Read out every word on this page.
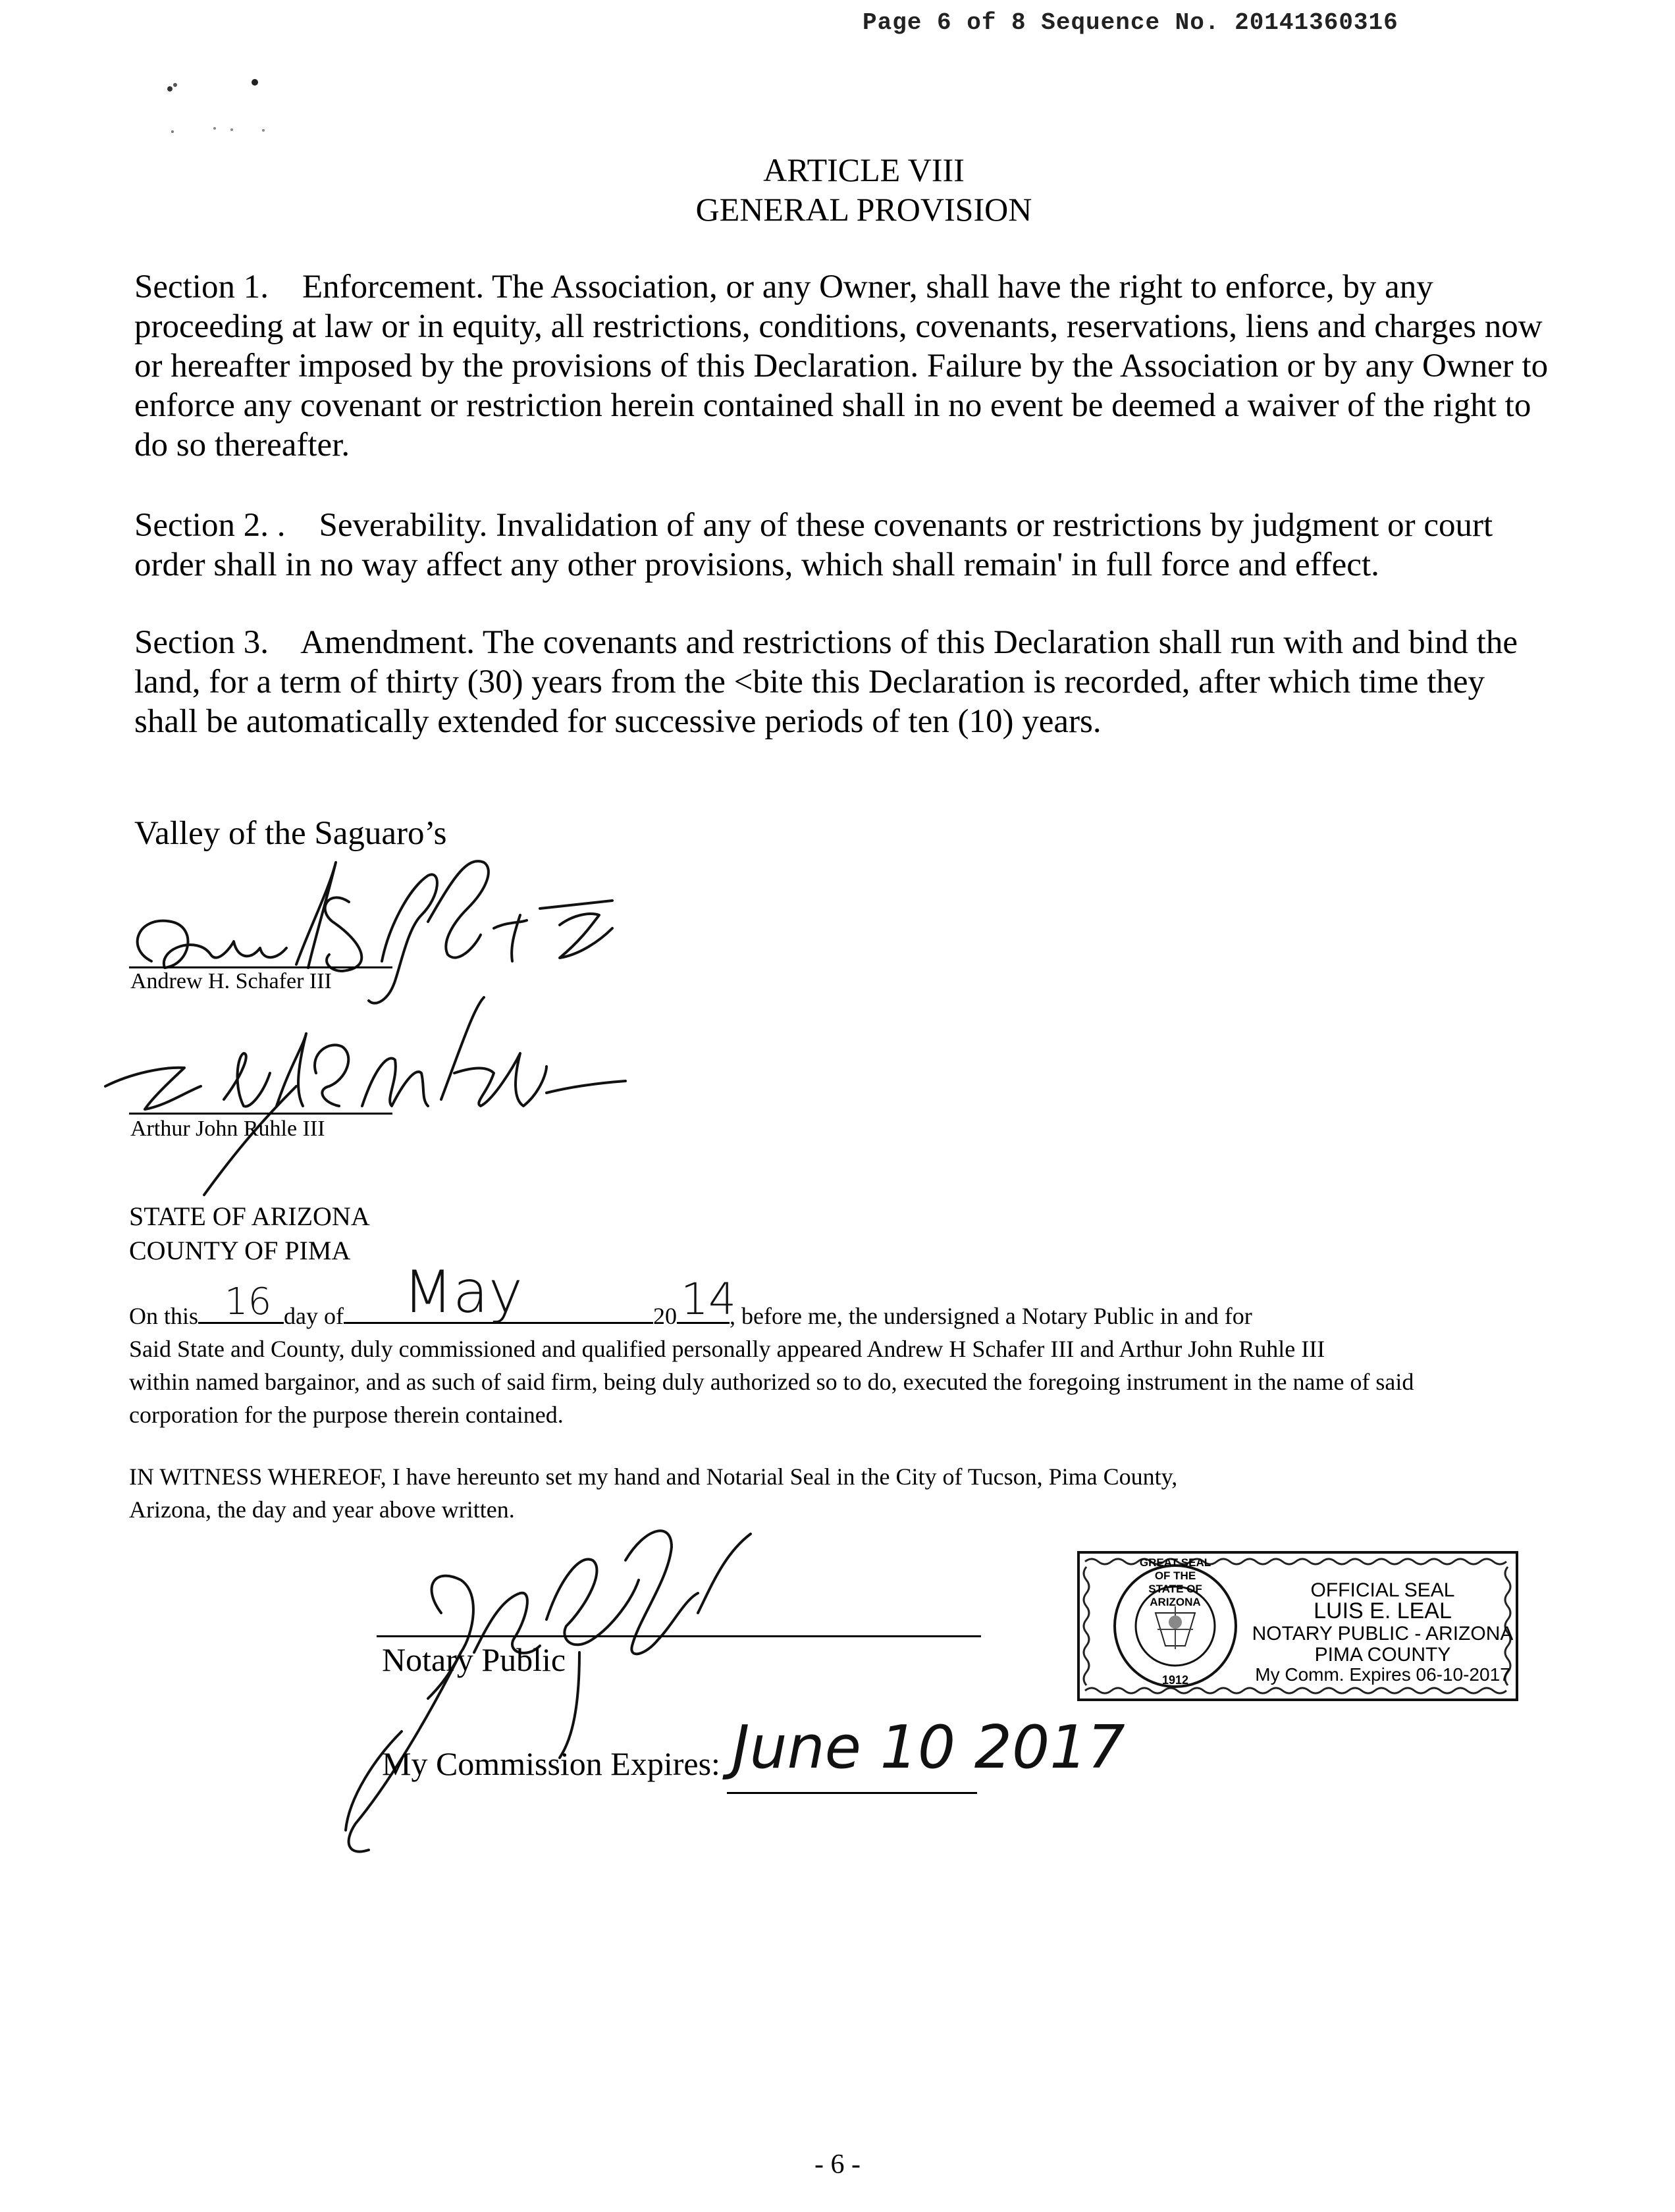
Page 6 of 8 Sequence No. 20141360316
ARTICLE VIII
GENERAL PROVISION
Section 1.    Enforcement. The Association, or any Owner, shall have the right to enforce, by any proceeding at law or in equity, all restrictions, conditions, covenants, reservations, liens and charges now or hereafter imposed by the provisions of this Declaration. Failure by the Association or by any Owner to enforce any covenant or restriction herein contained shall in no event be deemed a waiver of the right to do so thereafter.
Section 2. .    Severability. Invalidation of any of these covenants or restrictions by judgment or court order shall in no way affect any other provisions, which shall remain' in full force and effect.
Section 3.    Amendment. The covenants and restrictions of this Declaration shall run with and bind the land, for a term of thirty (30) years from the <bite this Declaration is recorded, after which time they shall be automatically extended for successive periods of ten (10) years.
Valley of the Saguaro’s
Andrew H. Schafer III
Arthur John Ruhle III
STATE OF ARIZONA
COUNTY OF PIMA
On this 16 day of May	20 14
, before me, the undersigned a Notary Public in and for
Said State and County, duly commissioned and qualified personally appeared Andrew H Schafer III and Arthur John Ruhle III
within named bargainor, and as such of said firm, being duly authorized so to do, executed the foregoing instrument in the name of said
corporation for the purpose therein contained.
IN WITNESS WHEREOF, I have hereunto set my hand and Notarial Seal in the City of Tucson, Pima County,
Arizona, the day and year above written.
Notary Public
My Commission Expires: June 10 2017
GREAT SEAL OF THE STATE OF ARIZONA
1912
OFFICIAL SEAL
LUIS E. LEAL
NOTARY PUBLIC - ARIZONA
PIMA COUNTY
My Comm. Expires 06-10-2017
- 6 -
